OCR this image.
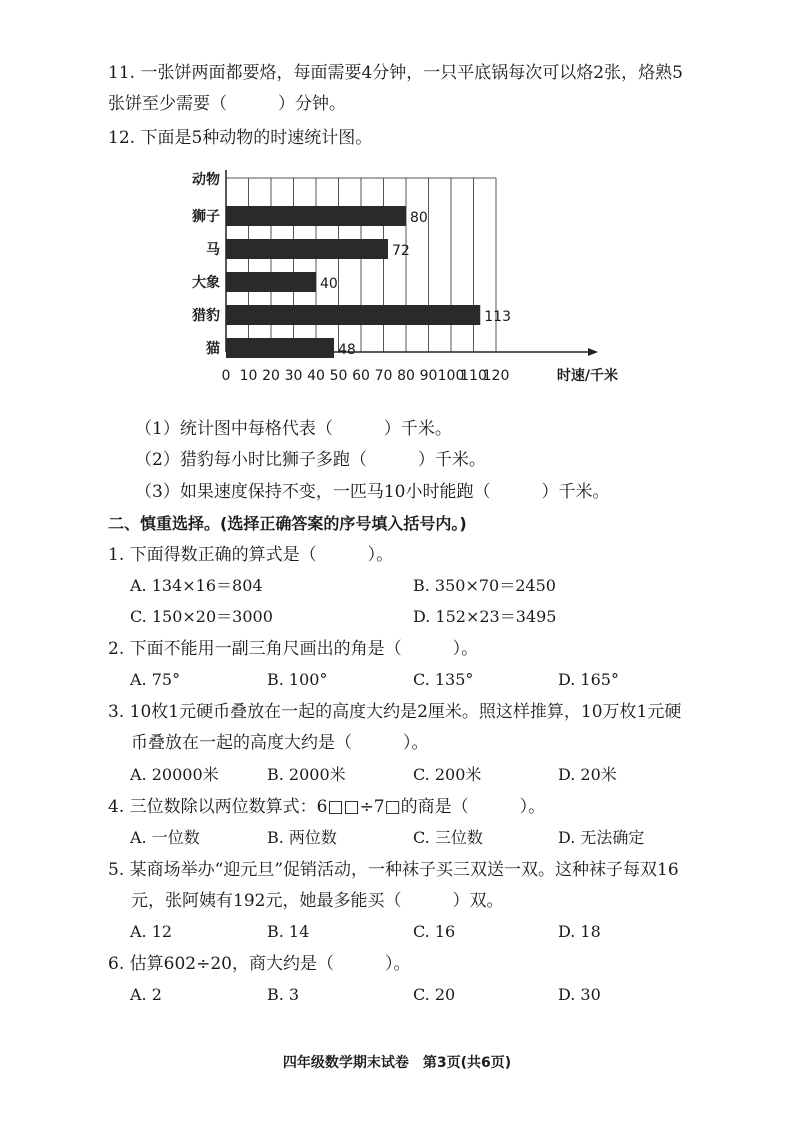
11. 一张饼两面都要烙，每面需要4分钟，一只平底锅每次可以烙2张，烙熟5
张饼至少需要（　　　）分钟。
12. 下面是5种动物的时速统计图。
0 10 20 30 40 50 60 70 80 90 100
110
120
动物
时速/千米
狮子	80
马	72
大象	40
猎豹	113
猫	48
（1）统计图中每格代表（　　　）千米。
（2）猎豹每小时比狮子多跑（　　　）千米。
（3）如果速度保持不变，一匹马10小时能跑（　　　）千米。
二、慎重选择。(选择正确答案的序号填入括号内。)
1. 下面得数正确的算式是（　　　）。
A. 134×16＝804	B. 350×70＝2450
C. 150×20＝3000	D. 152×23＝3495
2. 下面不能用一副三角尺画出的角是（　　　）。
A. 75°	B. 100°	C. 135°	D. 165°
3. 10枚1元硬币叠放在一起的高度大约是2厘米。照这样推算，10万枚1元硬
币叠放在一起的高度大约是（　　　）。
A. 20000米	B. 2000米	C. 200米	D. 20米
4. 三位数除以两位数算式：6□□÷7□的商是（　　　）。
A. 一位数	B. 两位数	C. 三位数	D. 无法确定
5. 某商场举办“迎元旦”促销活动，一种袜子买三双送一双。这种袜子每双16
元，张阿姨有192元，她最多能买（　　　）双。
A. 12	B. 14	C. 16	D. 18
6. 估算602÷20，商大约是（　　　）。
A. 2	B. 3	C. 20	D. 30
四年级数学期末试卷　第3页(共6页)
